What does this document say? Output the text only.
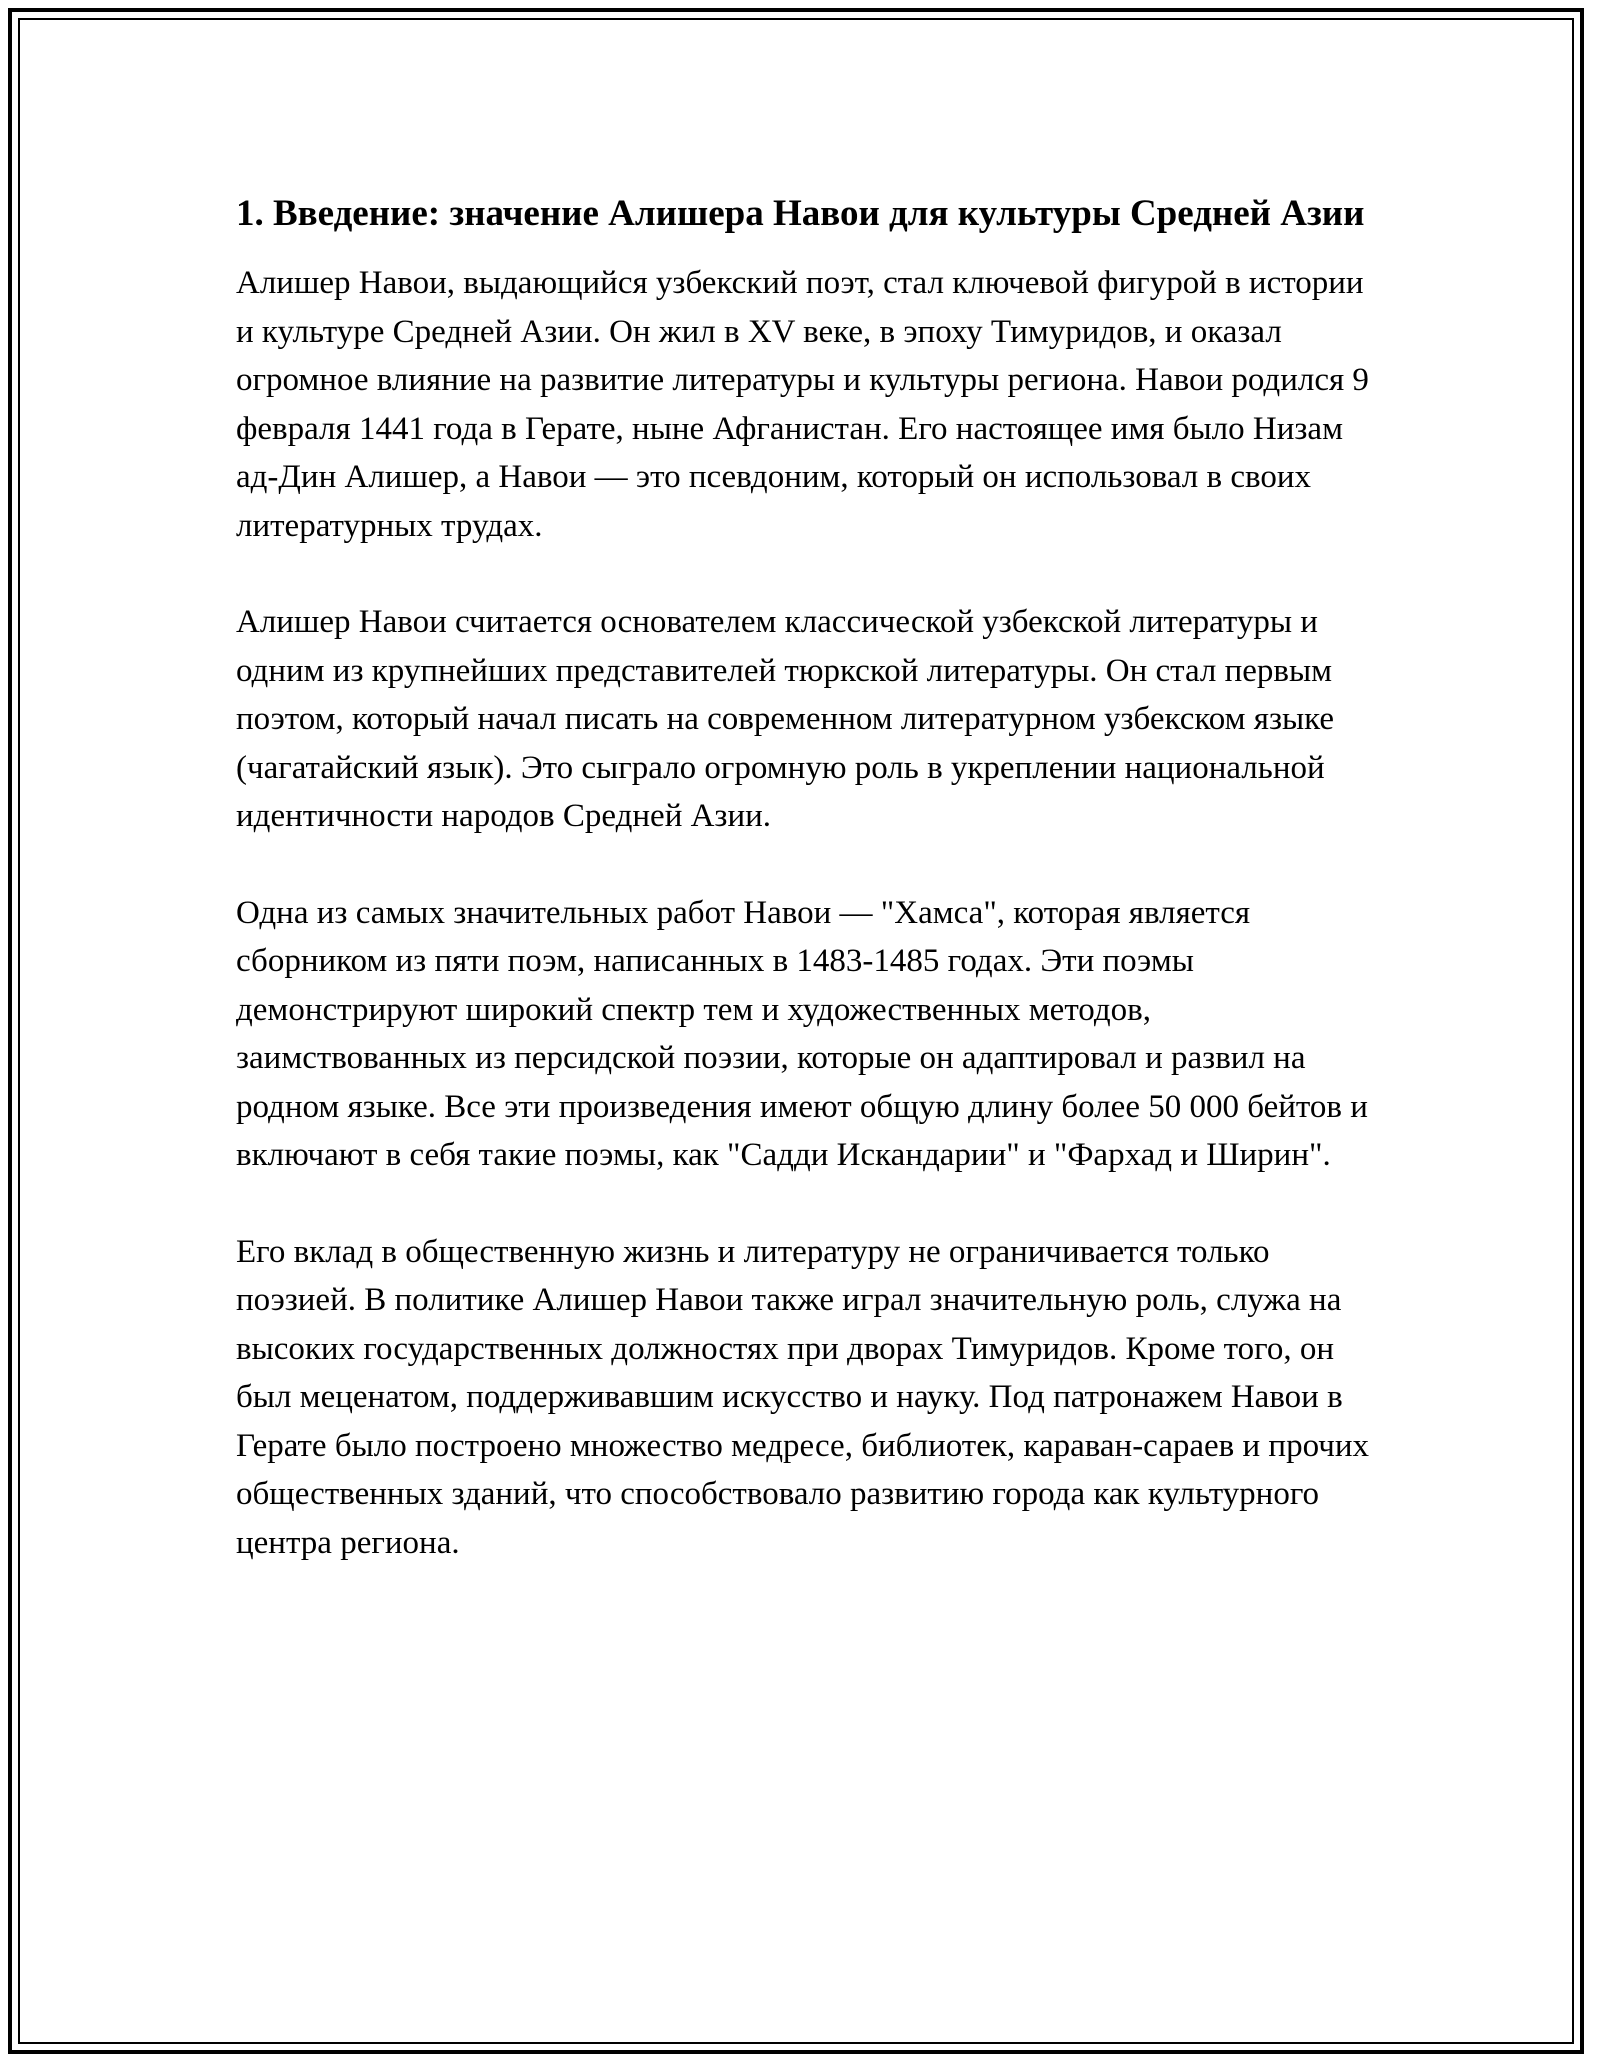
1. Введение: значение Алишера Навои для культуры Средней Азии

Алишер Навои, выдающийся узбекский поэт, стал ключевой фигурой в истории и культуре Средней Азии. Он жил в XV веке, в эпоху Тимуридов, и оказал огромное влияние на развитие литературы и культуры региона. Навои родился 9 февраля 1441 года в Герате, ныне Афганистан. Его настоящее имя было Низам ад-Дин Алишер, а Навои — это псевдоним, который он использовал в своих литературных трудах.

Алишер Навои считается основателем классической узбекской литературы и одним из крупнейших представителей тюркской литературы. Он стал первым поэтом, который начал писать на современном литературном узбекском языке (чагатайский язык). Это сыграло огромную роль в укреплении национальной идентичности народов Средней Азии.

Одна из самых значительных работ Навои — "Хамса", которая является сборником из пяти поэм, написанных в 1483-1485 годах. Эти поэмы демонстрируют широкий спектр тем и художественных методов, заимствованных из персидской поэзии, которые он адаптировал и развил на родном языке. Все эти произведения имеют общую длину более 50 000 бейтов и включают в себя такие поэмы, как "Садди Искандарии" и "Фархад и Ширин".

Его вклад в общественную жизнь и литературу не ограничивается только поэзией. В политике Алишер Навои также играл значительную роль, служа на высоких государственных должностях при дворах Тимуридов. Кроме того, он был меценатом, поддерживавшим искусство и науку. Под патронажем Навои в Герате было построено множество медресе, библиотек, караван-сараев и прочих общественных зданий, что способствовало развитию города как культурного центра региона.
